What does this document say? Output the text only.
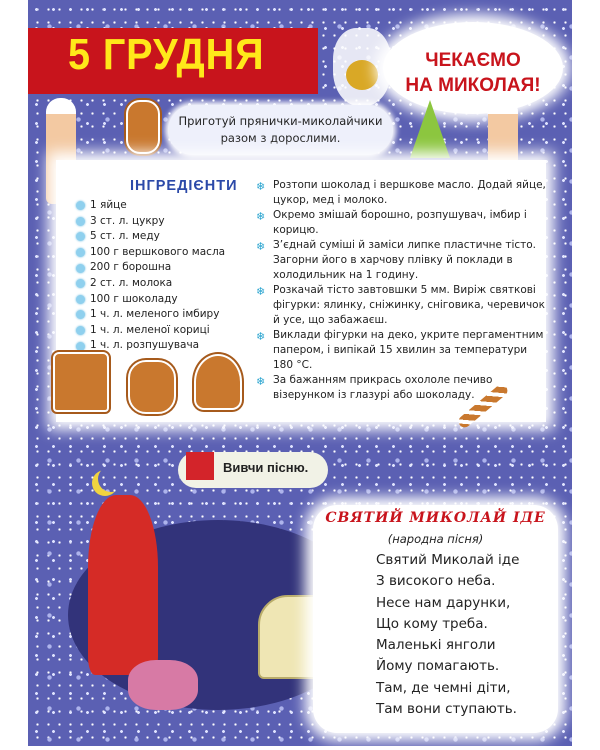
5 ГРУДНЯ	ЧЕКАЄМО
НА МИКОЛАЯ!
Приготуй прянички-миколайчики
разом з дорослими.
ІНГРЕДІЄНТИ
1 яйце
3 ст. л. цукру
5 ст. л. меду
100 г вершкового масла
200 г борошна
2 ст. л. молока
100 г шоколаду
1 ч. л. меленого імбиру
1 ч. л. меленої кориці
1 ч. л. розпушувача
❄ Розтопи шоколад і вершкове масло. Додай яйце, цукор, мед і молоко.
❄ Окремо змішай борошно, розпушувач, імбир і корицю.
❄ З’єднай суміші й заміси липке пластичне тісто. Загорни його в харчову плівку й поклади в холодильник на 1 годину.
❄ Розкачай тісто завтовшки 5 мм. Виріж святкові фігурки: ялинку, сніжинку, сніговика, черевичок й усе, що забажаєш.
❄ Виклади фігурки на деко, укрите пергаментним папером, і випікай 15 хвилин за температури 180 °С.
❄ За бажанням прикрась охололе печиво візерунком із глазурі або шоколаду.
Вивчи пісню.
СВЯТИЙ МИКОЛАЙ ІДЕ
(народна пісня)
Святий Миколай іде
З високого неба.
Несе нам дарунки,
Що кому треба.
Маленькі янголи
Йому помагають.
Там, де чемні діти,
Там вони ступають.
